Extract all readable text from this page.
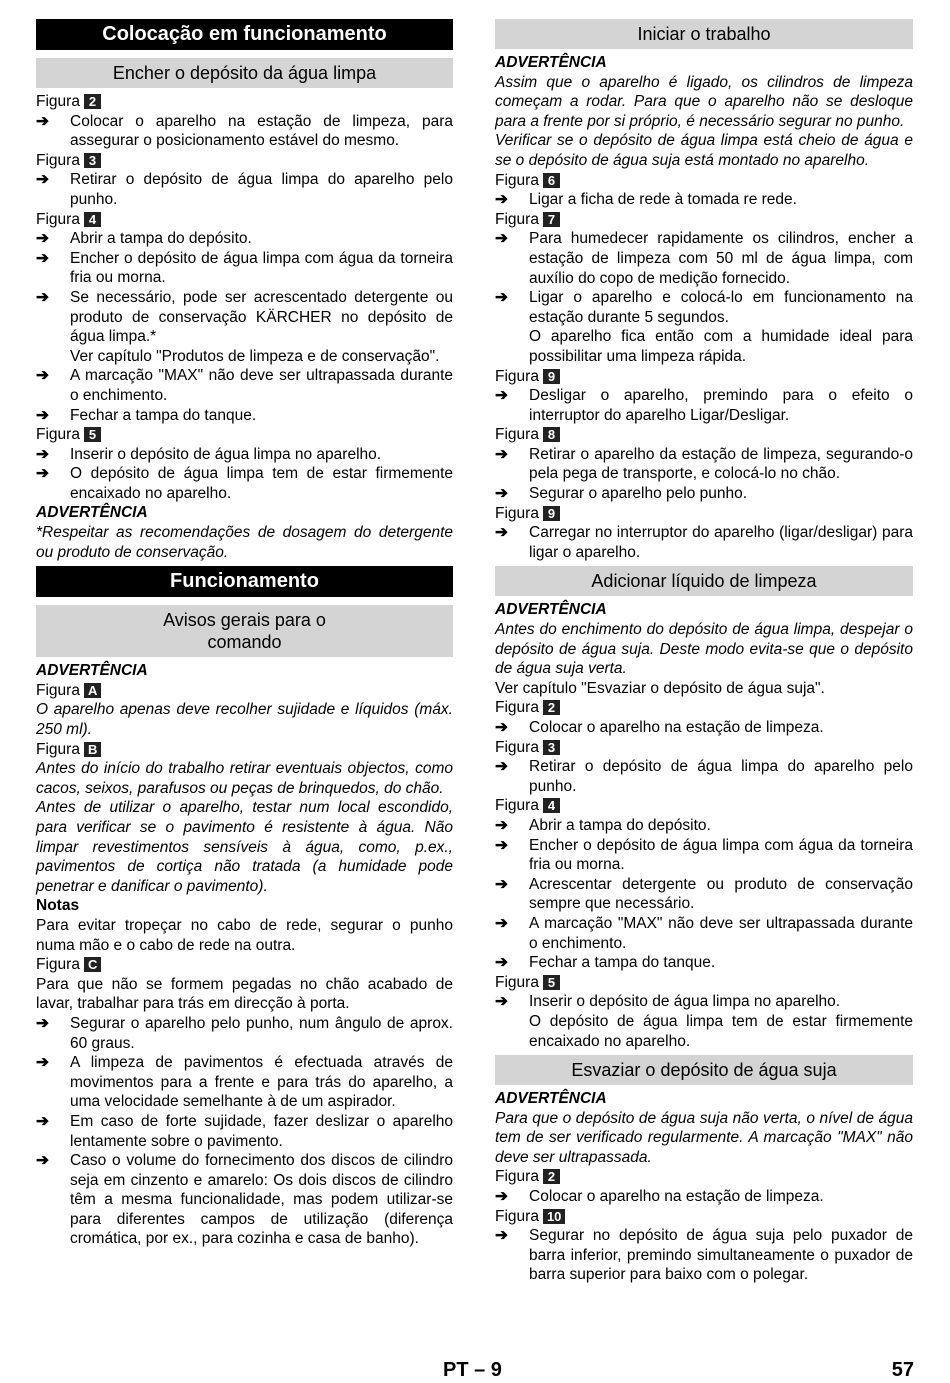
Colocação em funcionamento
Encher o depósito da água limpa

Figura 2

➔ Colocar o aparelho na estação de limpeza, para assegurar o posicionamento estável do mesmo.

Figura 3

➔ Retirar o depósito de água limpa do aparelho pelo punho.

Figura 4

➔ Abrir a tampa do depósito.

➔ Encher o depósito de água limpa com água da torneira fria ou morna.

➔ Se necessário, pode ser acrescentado detergente ou produto de conservação KÄRCHER no depósito de água limpa.*

Ver capítulo "Produtos de limpeza e de conservação".

➔ A marcação "MAX" não deve ser ultrapassada durante o enchimento.

➔ Fechar a tampa do tanque.

Figura 5

➔ Inserir o depósito de água limpa no aparelho.

➔ O depósito de água limpa tem de estar firmemente encaixado no aparelho.

ADVERTÊNCIA

*Respeitar as recomendações de dosagem do detergente ou produto de conservação.

Funcionamento
Avisos gerais para o
comando

ADVERTÊNCIA

Figura A

O aparelho apenas deve recolher sujidade e líquidos (máx. 250 ml).

Figura B

Antes do início do trabalho retirar eventuais objectos, como cacos, seixos, parafusos ou peças de brinquedos, do chão.

Antes de utilizar o aparelho, testar num local escondido, para verificar se o pavimento é resistente à água. Não limpar revestimentos sensíveis à água, como, p.ex., pavimentos de cortiça não tratada (a humidade pode penetrar e danificar o pavimento).

Notas

Para evitar tropeçar no cabo de rede, segurar o punho numa mão e o cabo de rede na outra.

Figura C

Para que não se formem pegadas no chão acabado de lavar, trabalhar para trás em direcção à porta.

➔ Segurar o aparelho pelo punho, num ângulo de aprox. 60 graus.

➔ A limpeza de pavimentos é efectuada através de movimentos para a frente e para trás do aparelho, a uma velocidade semelhante à de um aspirador.

➔ Em caso de forte sujidade, fazer deslizar o aparelho lentamente sobre o pavimento.

➔ Caso o volume do fornecimento dos discos de cilindro seja em cinzento e amarelo: Os dois discos de cilindro têm a mesma funcionalidade, mas podem utilizar-se para diferentes campos de utilização (diferença cromática, por ex., para cozinha e casa de banho).

Iniciar o trabalho

ADVERTÊNCIA

Assim que o aparelho é ligado, os cilindros de limpeza começam a rodar. Para que o aparelho não se desloque para a frente por si próprio, é necessário segurar no punho.

Verificar se o depósito de água limpa está cheio de água e se o depósito de água suja está montado no aparelho.

Figura 6

➔ Ligar a ficha de rede à tomada re rede.

Figura 7

➔ Para humedecer rapidamente os cilindros, encher a estação de limpeza com 50 ml de água limpa, com auxílio do copo de medição fornecido.

➔ Ligar o aparelho e colocá-lo em funcionamento na estação durante 5 segundos.

O aparelho fica então com a humidade ideal para possibilitar uma limpeza rápida.

Figura 9

➔ Desligar o aparelho, premindo para o efeito o interruptor do aparelho Ligar/Desligar.

Figura 8

➔ Retirar o aparelho da estação de limpeza, segurando-o pela pega de transporte, e colocá-lo no chão.

➔ Segurar o aparelho pelo punho.

Figura 9

➔ Carregar no interruptor do aparelho (ligar/desligar) para ligar o aparelho.

Adicionar líquido de limpeza

ADVERTÊNCIA

Antes do enchimento do depósito de água limpa, despejar o depósito de água suja. Deste modo evita-se que o depósito de água suja verta.

Ver capítulo "Esvaziar o depósito de água suja".

Figura 2

➔ Colocar o aparelho na estação de limpeza.

Figura 3

➔ Retirar o depósito de água limpa do aparelho pelo punho.

Figura 4

➔ Abrir a tampa do depósito.

➔ Encher o depósito de água limpa com água da torneira fria ou morna.

➔ Acrescentar detergente ou produto de conservação sempre que necessário.

➔ A marcação "MAX" não deve ser ultrapassada durante o enchimento.

➔ Fechar a tampa do tanque.

Figura 5

➔ Inserir o depósito de água limpa no aparelho.

O depósito de água limpa tem de estar firmemente encaixado no aparelho.

Esvaziar o depósito de água suja

ADVERTÊNCIA

Para que o depósito de água suja não verta, o nível de água tem de ser verificado regularmente. A marcação "MAX" não deve ser ultrapassada.

Figura 2

➔ Colocar o aparelho na estação de limpeza.

Figura 10

➔ Segurar no depósito de água suja pelo puxador de barra inferior, premindo simultaneamente o puxador de barra superior para baixo com o polegar.

PT – 9	57
